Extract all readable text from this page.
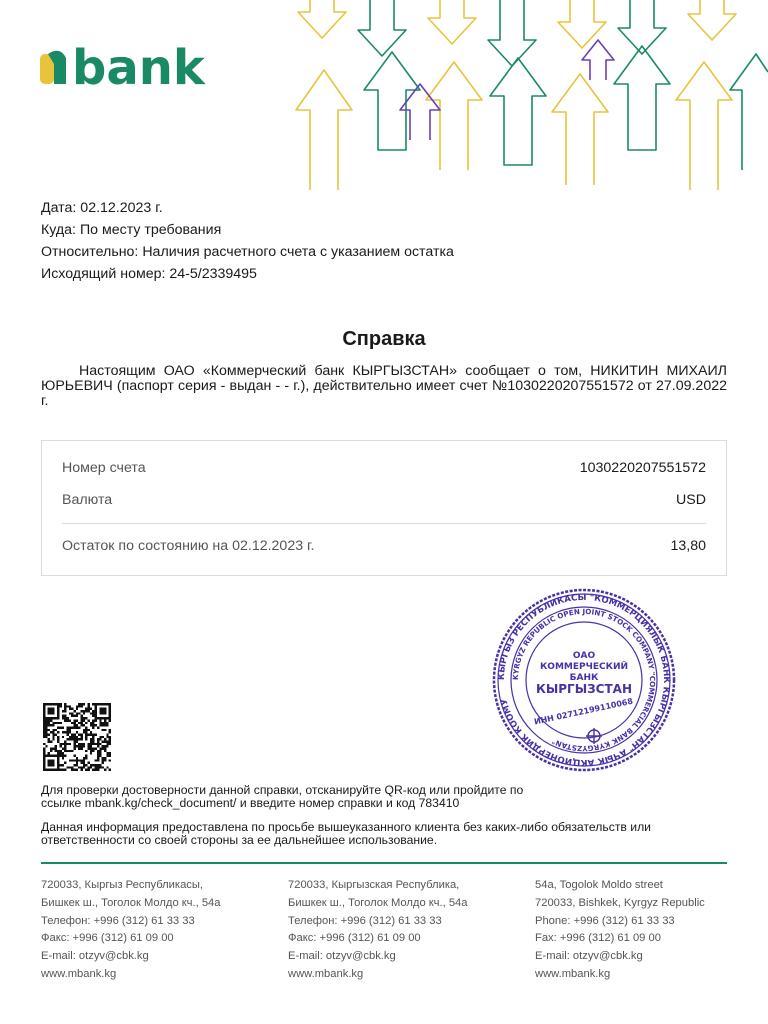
bank
Дата: 02.12.2023 г.
Куда: По месту требования
Относительно: Наличия расчетного счета с указанием остатка
Исходящий номер: 24-5/2339495
Справка
Настоящим ОАО «Коммерческий банк КЫРГЫЗСТАН» сообщает о том, НИКИТИН МИХАИЛ ЮРЬЕВИЧ (паспорт серия - выдан - - г.), действительно имеет счет №1030220207551572 от 27.09.2022 г.
Номер счета	1030220207551572
Валюта	USD
Остаток по состоянию на 02.12.2023 г.	13,80
КЫРГЫЗ РЕСПУБЛИКАСЫ "КОММЕРЦИЯЛЫК БАНК КЫРГЫЗСТАН" АЧЫК АКЦИОНЕРДИК КООМУ
KYRGYZ REPUBLIC OPEN JOINT STOCK COMPANY "COMMERCIAL BANK KYRGYZSTAN"
ОАО
КОММЕРЧЕСКИЙ
БАНК
КЫРГЫЗСТАН
ИНН 02712199110068
Для проверки достоверности данной справки, отсканируйте QR-код или пройдите по
ссылке mbank.kg/check_document/ и введите номер справки и код 783410
Данная информация предоставлена по просьбе вышеуказанного клиента без каких-либо обязательств или
ответственности со своей стороны за ее дальнейшее использование.
720033, Кыргыз Республикасы,
Бишкек ш., Тоголок Молдо кч., 54а
Телефон: +996 (312) 61 33 33
Факс: +996 (312) 61 09 00
E-mail: otzyv@cbk.kg
www.mbank.kg
720033, Кыргызская Республика,
Бишкек ш., Тоголок Молдо кч., 54а
Телефон: +996 (312) 61 33 33
Факс: +996 (312) 61 09 00
E-mail: otzyv@cbk.kg
www.mbank.kg
54a, Togolok Moldo street
720033, Bishkek, Kyrgyz Republic
Phone: +996 (312) 61 33 33
Fax: +996 (312) 61 09 00
E-mail: otzyv@cbk.kg
www.mbank.kg
